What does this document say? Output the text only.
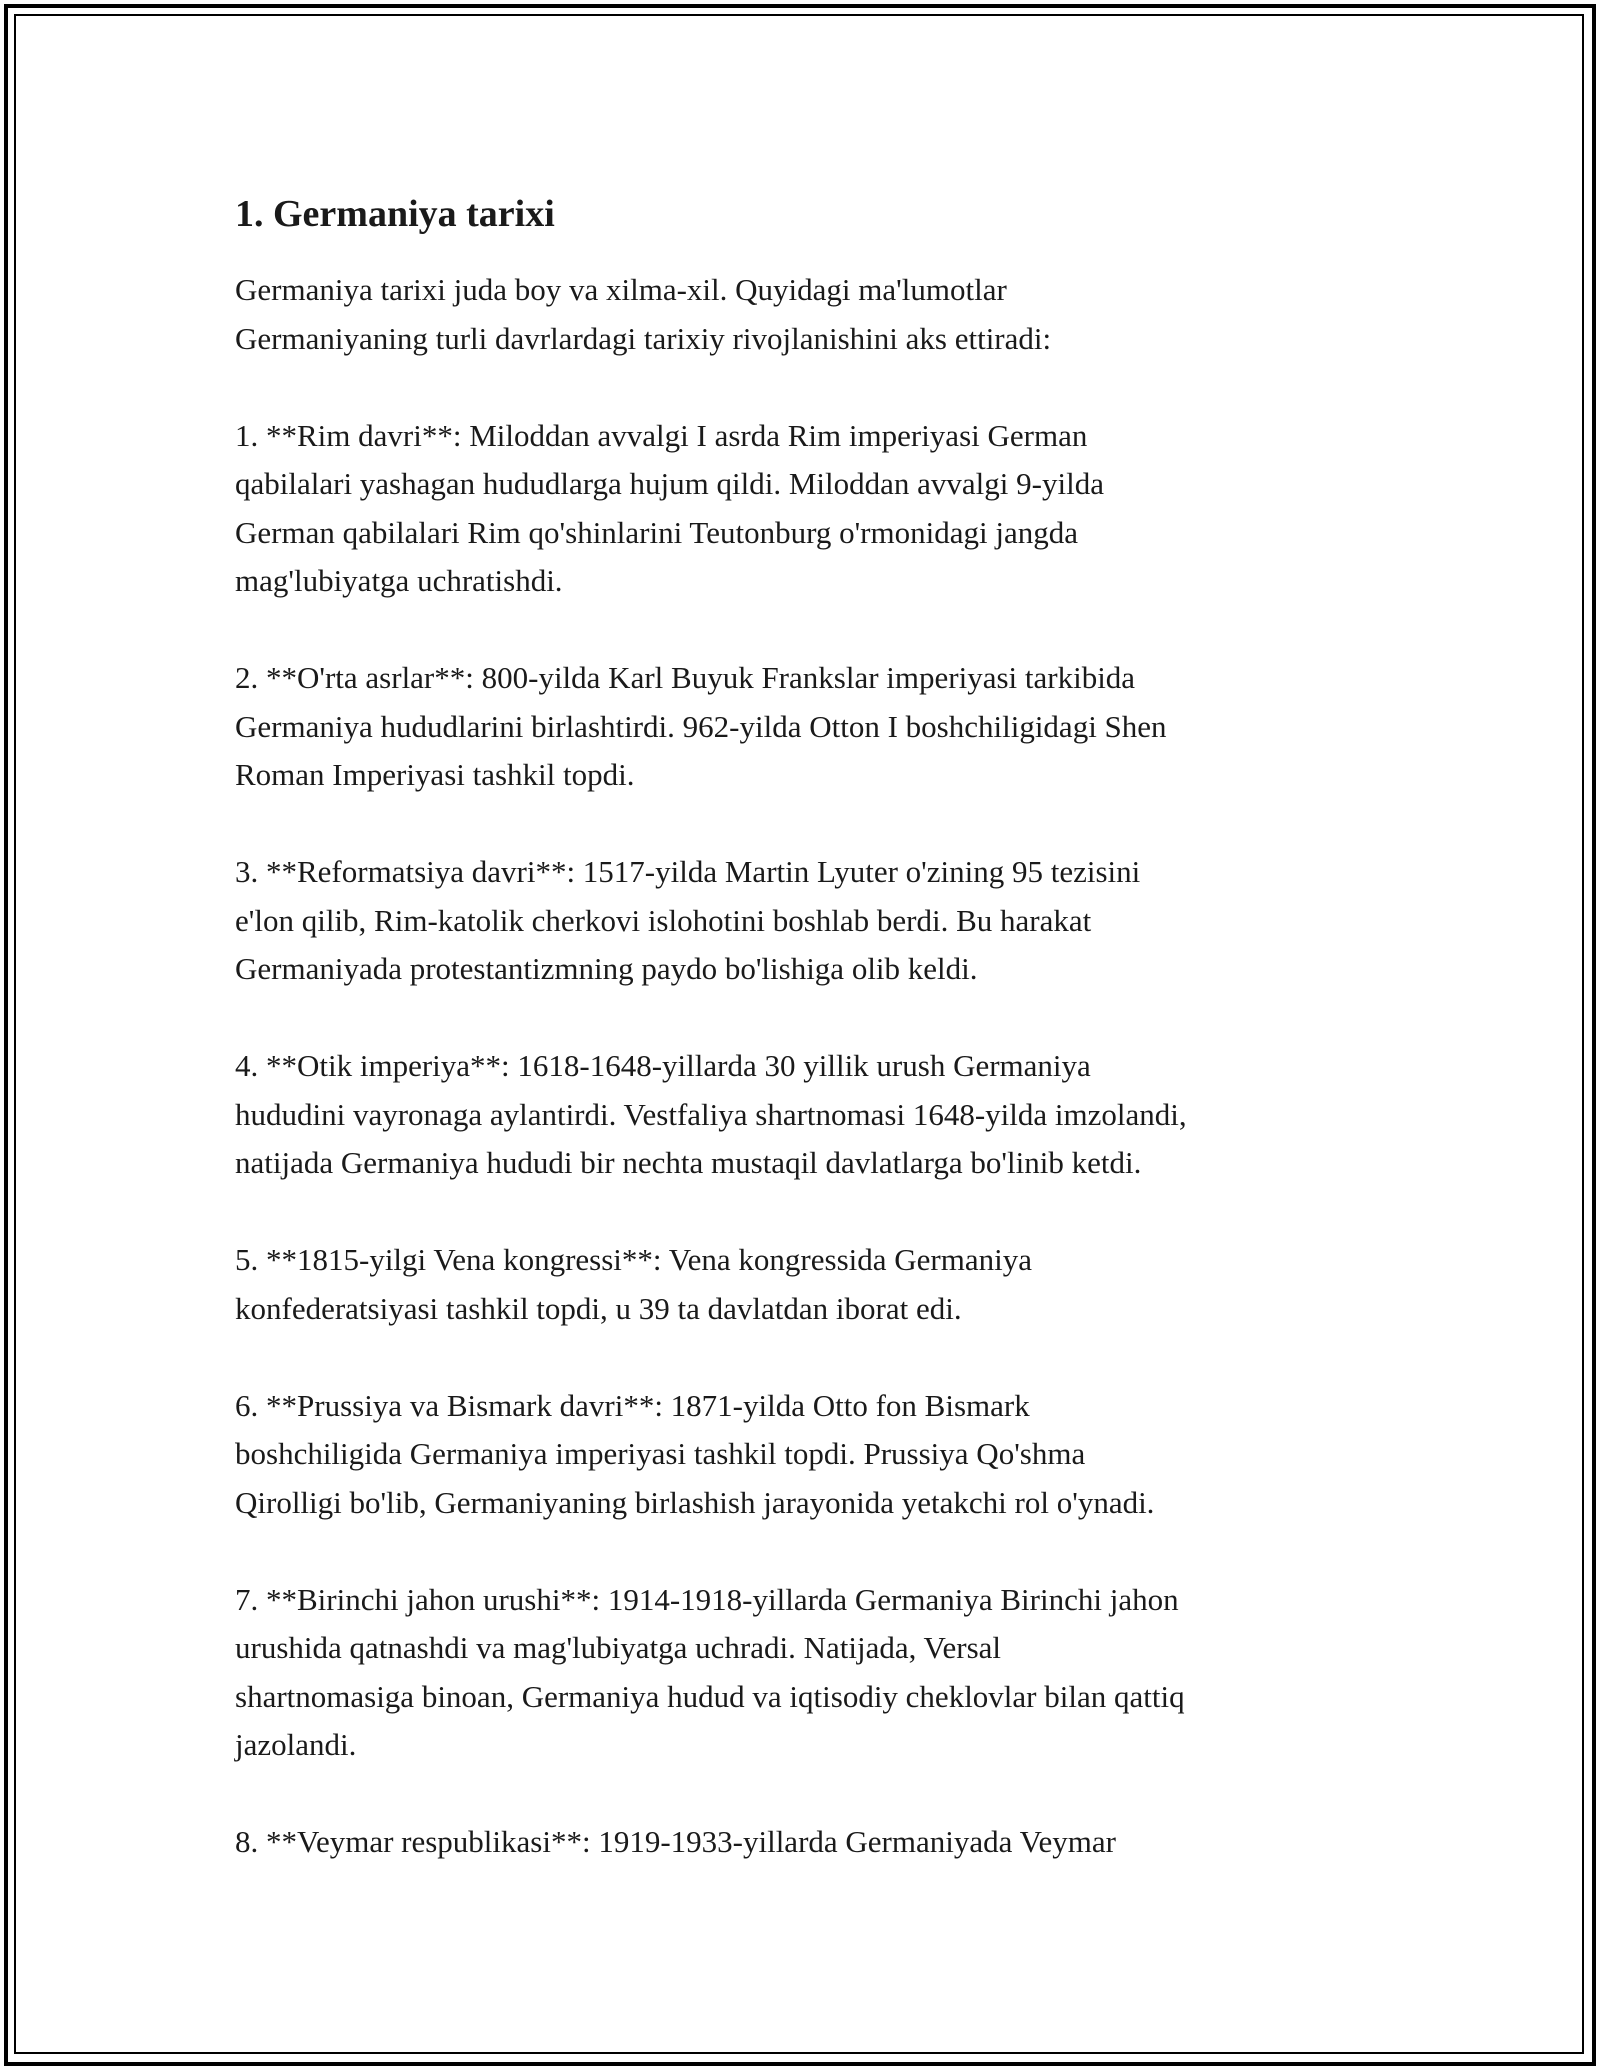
1. Germaniya tarixi

Germaniya tarixi juda boy va xilma-xil. Quyidagi ma'lumotlar
Germaniyaning turli davrlardagi tarixiy rivojlanishini aks ettiradi:

1. **Rim davri**: Miloddan avvalgi I asrda Rim imperiyasi German
qabilalari yashagan hududlarga hujum qildi. Miloddan avvalgi 9-yilda
German qabilalari Rim qo'shinlarini Teutonburg o'rmonidagi jangda
mag'lubiyatga uchratishdi.

2. **O'rta asrlar**: 800-yilda Karl Buyuk Frankslar imperiyasi tarkibida
Germaniya hududlarini birlashtirdi. 962-yilda Otton I boshchiligidagi Shen
Roman Imperiyasi tashkil topdi.

3. **Reformatsiya davri**: 1517-yilda Martin Lyuter o'zining 95 tezisini
e'lon qilib, Rim-katolik cherkovi islohotini boshlab berdi. Bu harakat
Germaniyada protestantizmning paydo bo'lishiga olib keldi.

4. **Otik imperiya**: 1618-1648-yillarda 30 yillik urush Germaniya
hududini vayronaga aylantirdi. Vestfaliya shartnomasi 1648-yilda imzolandi,
natijada Germaniya hududi bir nechta mustaqil davlatlarga bo'linib ketdi.

5. **1815-yilgi Vena kongressi**: Vena kongressida Germaniya
konfederatsiyasi tashkil topdi, u 39 ta davlatdan iborat edi.

6. **Prussiya va Bismark davri**: 1871-yilda Otto fon Bismark
boshchiligida Germaniya imperiyasi tashkil topdi. Prussiya Qo'shma
Qirolligi bo'lib, Germaniyaning birlashish jarayonida yetakchi rol o'ynadi.

7. **Birinchi jahon urushi**: 1914-1918-yillarda Germaniya Birinchi jahon
urushida qatnashdi va mag'lubiyatga uchradi. Natijada, Versal
shartnomasiga binoan, Germaniya hudud va iqtisodiy cheklovlar bilan qattiq
jazolandi.

8. **Veymar respublikasi**: 1919-1933-yillarda Germaniyada Veymar
